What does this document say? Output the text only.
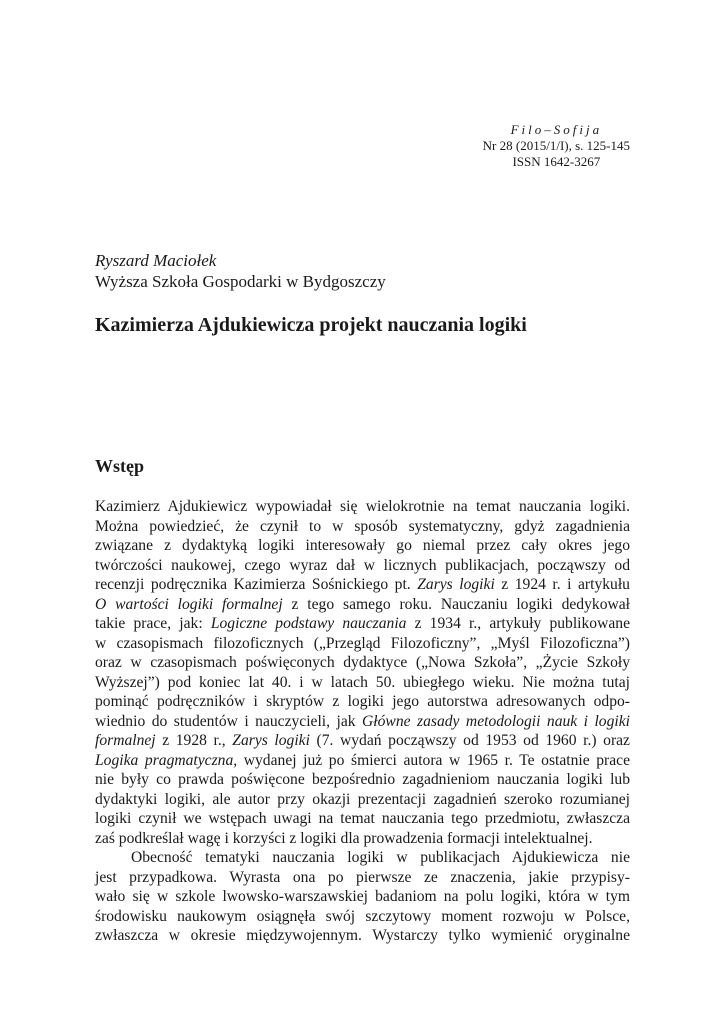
Filo–Sofija
Nr 28 (2015/1/I), s. 125-145
ISSN 1642-3267
Ryszard Maciołek
Wyższa Szkoła Gospodarki w Bydgoszczy
Kazimierza Ajdukiewicza projekt nauczania logiki
Wstęp
Kazimierz Ajdukiewicz wypowiadał się wielokrotnie na temat nauczania logiki.
Można powiedzieć, że czynił to w sposób systematyczny, gdyż zagadnienia
związane z dydaktyką logiki interesowały go niemal przez cały okres jego
twórczości naukowej, czego wyraz dał w licznych publikacjach, począwszy od
recenzji podręcznika Kazimierza Sośnickiego pt. Zarys logiki z 1924 r. i artykułu
O wartości logiki formalnej z tego samego roku. Nauczaniu logiki dedykował
takie prace, jak: Logiczne podstawy nauczania z 1934 r., artykuły publikowane
w czasopismach filozoficznych („Przegląd Filozoficzny”, „Myśl Filozoficzna”)
oraz w czasopismach poświęconych dydaktyce („Nowa Szkoła”, „Życie Szkoły
Wyższej”) pod koniec lat 40. i w latach 50. ubiegłego wieku. Nie można tutaj
pominąć podręczników i skryptów z logiki jego autorstwa adresowanych odpo-
wiednio do studentów i nauczycieli, jak Główne zasady metodologii nauk i logiki
formalnej z 1928 r., Zarys logiki (7. wydań począwszy od 1953 od 1960 r.) oraz
Logika pragmatyczna, wydanej już po śmierci autora w 1965 r. Te ostatnie prace
nie były co prawda poświęcone bezpośrednio zagadnieniom nauczania logiki lub
dydaktyki logiki, ale autor przy okazji prezentacji zagadnień szeroko rozumianej
logiki czynił we wstępach uwagi na temat nauczania tego przedmiotu, zwłaszcza
zaś podkreślał wagę i korzyści z logiki dla prowadzenia formacji intelektualnej.
Obecność tematyki nauczania logiki w publikacjach Ajdukiewicza nie
jest przypadkowa. Wyrasta ona po pierwsze ze znaczenia, jakie przypisy-
wało się w szkole lwowsko-warszawskiej badaniom na polu logiki, która w tym
środowisku naukowym osiągnęła swój szczytowy moment rozwoju w Polsce,
zwłaszcza w okresie międzywojennym. Wystarczy tylko wymienić oryginalne
